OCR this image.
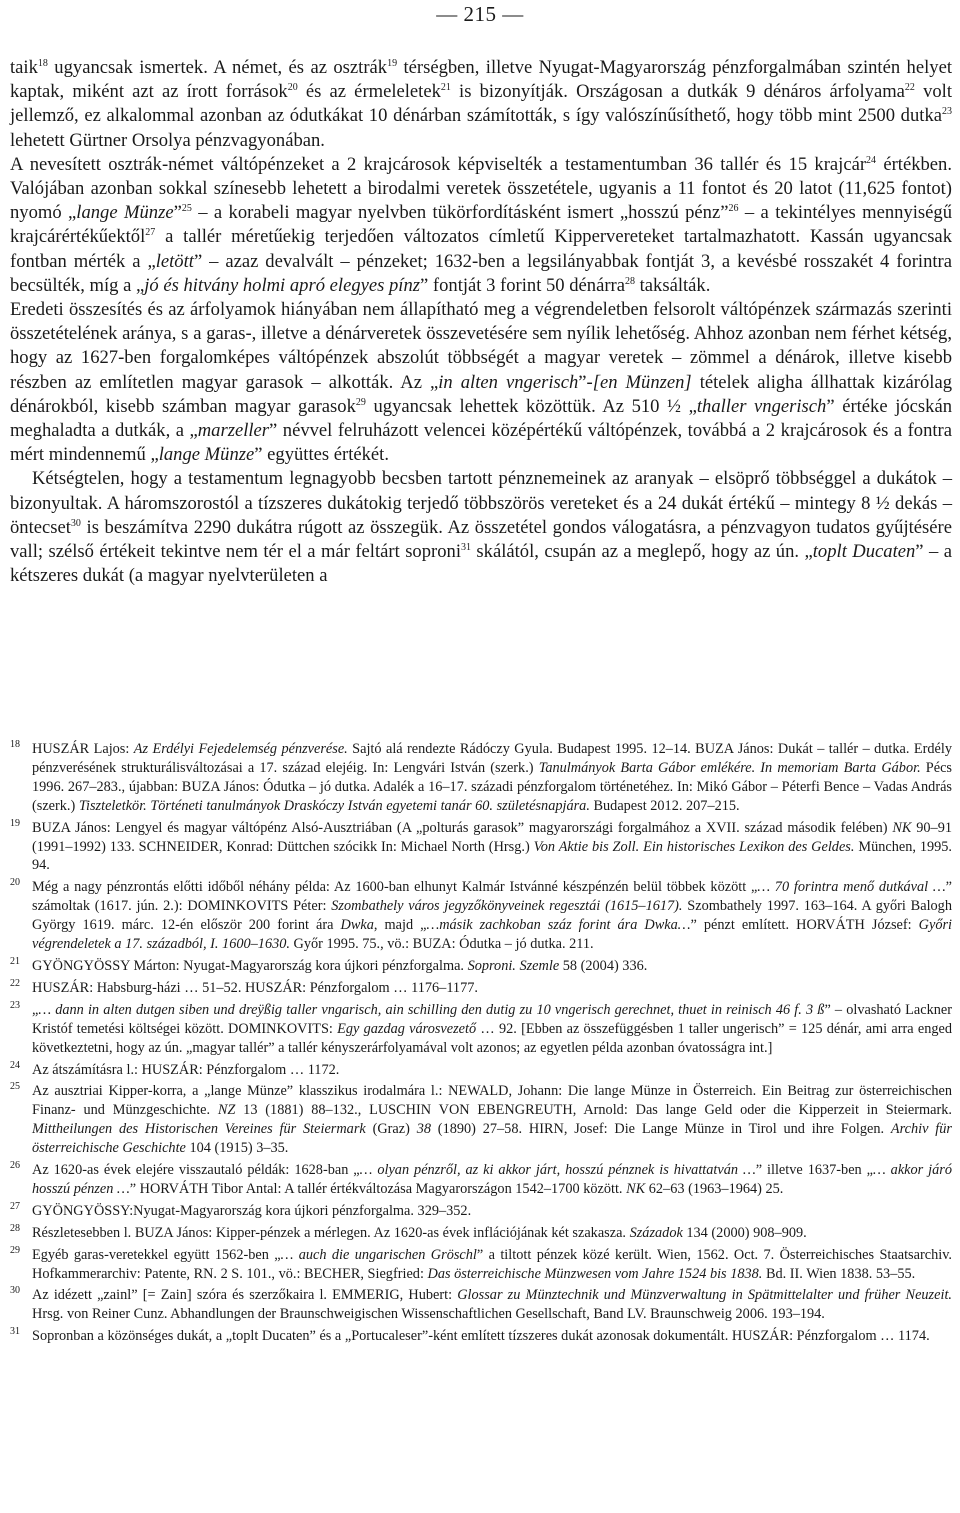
— 215 —

taik$^{18}$ ugyancsak ismertek. A német, és az osztrák$^{19}$ térségben, illetve Nyugat-Magyarország pénzforgalmában szintén helyet kaptak, miként azt az írott források$^{20}$ és az érmeleletek$^{21}$ is bizonyítják. Országosan a dutkák 9 dénáros árfolyama$^{22}$ volt jellemző, ez alkalommal azonban az ódutkákat 10 dénárban számították, s így valószínűsíthető, hogy több mint 2500 dutka$^{23}$ lehetett Gürtner Orsolya pénzvagyonában.

A nevesített osztrák-német váltópénzeket a 2 krajcárosok képviselték a testamentumban 36 tallér és 15 krajcár$^{24}$ értékben. Valójában azonban sokkal színesebb lehetett a birodalmi veretek összetétele, ugyanis a 11 fontot és 20 latot (11,625 fontot) nyomó „lange Münze”$^{25}$ – a korabeli magyar nyelvben tükörfordításként ismert „hosszú pénz”$^{26}$ – a tekintélyes mennyiségű krajcárértékűektől$^{27}$ a tallér méretűekig terjedően változatos címletű Kippervereteket tartalmazhatott. Kassán ugyancsak fontban mérték a „letött” – azaz devalvált – pénzeket; 1632-ben a legsilányabbak fontját 3, a kevésbé rosszakét 4 forintra becsülték, míg a „jó és hitvány holmi apró elegyes pínz” fontját 3 forint 50 dénárra$^{28}$ taksálták.

Eredeti összesítés és az árfolyamok hiányában nem állapítható meg a végrendeletben felsorolt váltópénzek származás szerinti összetételének aránya, s a garas-, illetve a dénárveretek összevetésére sem nyílik lehetőség. Ahhoz azonban nem férhet kétség, hogy az 1627-ben forgalomképes váltópénzek abszolút többségét a magyar veretek – zömmel a dénárok, illetve kisebb részben az említetlen magyar garasok – alkották. Az „in alten vngerisch”-[en Münzen] tételek aligha állhattak kizárólag dénárokból, kisebb számban magyar garasok$^{29}$ ugyancsak lehettek közöttük. Az 510 ½ „thaller vngerisch” értéke jócskán meghaladta a dutkák, a „marzeller” névvel felruházott velencei középértékű váltópénzek, továbbá a 2 krajcárosok és a fontra mért mindennemű „lange Münze” együttes értékét.

Kétségtelen, hogy a testamentum legnagyobb becsben tartott pénznemeinek az aranyak – elsöprő többséggel a dukátok – bizonyultak. A háromszorostól a tízszeres dukátokig terjedő többszörös vereteket és a 24 dukát értékű – mintegy 8 ½ dekás – öntecset$^{30}$ is beszámítva 2290 dukátra rúgott az összegük. Az összetétel gondos válogatásra, a pénzvagyon tudatos gyűjtésére vall; szélső értékeit tekintve nem tér el a már feltárt soproni$^{31}$ skálától, csupán az a meglepő, hogy az ún. „toplt Ducaten” – a kétszeres dukát (a magyar nyelvterületen a

18 HUSZÁR Lajos: Az Erdélyi Fejedelemség pénzverése. Sajtó alá rendezte Rádóczy Gyula. Budapest 1995. 12–14. BUZA János: Dukát – tallér – dutka. Erdély pénzverésének strukturálisváltozásai a 17. század elejéig. In: Lengvári István (szerk.) Tanulmányok Barta Gábor emlékére. In memoriam Barta Gábor. Pécs 1996. 267–283., újabban: BUZA János: Ódutka – jó dutka. Adalék a 16–17. századi pénzforgalom történetéhez. In: Mikó Gábor – Péterfi Bence – Vadas András (szerk.) Tiszteletkör. Történeti tanulmányok Draskóczy István egyetemi tanár 60. születésnapjára. Budapest 2012. 207–215.
19 BUZA János: Lengyel és magyar váltópénz Alsó-Ausztriában (A „polturás garasok” magyarországi forgalmához a XVII. század második felében) NK 90–91 (1991–1992) 133. SCHNEIDER, Konrad: Düttchen szócikk In: Michael North (Hrsg.) Von Aktie bis Zoll. Ein historisches Lexikon des Geldes. München, 1995. 94.
20 Még a nagy pénzrontás előtti időből néhány példa: Az 1600-ban elhunyt Kalmár Istvánné készpénzén belül többek között „… 70 forintra menő dutkával …” számoltak (1617. jún. 2.): DOMINKOVITS Péter: Szombathely város jegyzőkönyveinek regesztái (1615–1617). Szombathely 1997. 163–164. A győri Balogh György 1619. márc. 12-én először 200 forint ára Dwka, majd „…másik zachkoban száz forint ára Dwka…” pénzt említett. HORVÁTH József: Győri végrendeletek a 17. századból, I. 1600–1630. Győr 1995. 75., vö.: BUZA: Ódutka – jó dutka. 211.
21 GYÖNGYÖSSY Márton: Nyugat-Magyarország kora újkori pénzforgalma. Soproni. Szemle 58 (2004) 336.
22 HUSZÁR: Habsburg-házi … 51–52. HUSZÁR: Pénzforgalom … 1176–1177.
23 „… dann in alten dutgen siben und dreÿßig taller vngarisch, ain schilling den dutig zu 10 vngerisch gerechnet, thuet in reinisch 46 f. 3 ß” – olvasható Lackner Kristóf temetési költségei között. DOMINKOVITS: Egy gazdag városvezető … 92. [Ebben az összefüggésben 1 taller ungerisch” = 125 dénár, ami arra enged következtetni, hogy az ún. „magyar tallér” a tallér kényszerárfolyamával volt azonos; az egyetlen példa azonban óvatosságra int.]
24 Az átszámításra l.: HUSZÁR: Pénzforgalom … 1172.
25 Az ausztriai Kipper-korra, a „lange Münze” klasszikus irodalmára l.: NEWALD, Johann: Die lange Münze in Österreich. Ein Beitrag zur österreichischen Finanz- und Münzgeschichte. NZ 13 (1881) 88–132., LUSCHIN VON EBENGREUTH, Arnold: Das lange Geld oder die Kipperzeit in Steiermark. Mittheilungen des Historischen Vereines für Steiermark (Graz) 38 (1890) 27–58. HIRN, Josef: Die Lange Münze in Tirol und ihre Folgen. Archiv für österreichische Geschichte 104 (1915) 3–35.
26 Az 1620-as évek elejére visszautaló példák: 1628-ban „… olyan pénzről, az ki akkor járt, hosszú pénznek is hivattatván …” illetve 1637-ben „… akkor járó hosszú pénzen …” HORVÁTH Tibor Antal: A tallér értékváltozása Magyarországon 1542–1700 között. NK 62–63 (1963–1964) 25.
27 GYÖNGYÖSSY:Nyugat-Magyarország kora újkori pénzforgalma. 329–352.
28 Részletesebben l. BUZA János: Kipper-pénzek a mérlegen. Az 1620-as évek inflációjának két szakasza. Századok 134 (2000) 908–909.
29 Egyéb garas-veretekkel együtt 1562-ben „… auch die ungarischen Gröschl” a tiltott pénzek közé került. Wien, 1562. Oct. 7. Österreichisches Staatsarchiv. Hofkammerarchiv: Patente, RN. 2 S. 101., vö.: BECHER, Siegfried: Das österreichische Münzwesen vom Jahre 1524 bis 1838. Bd. II. Wien 1838. 53–55.
30 Az idézett „zainl” [= Zain] szóra és szerzőkaira l. EMMERIG, Hubert: Glossar zu Münztechnik und Münzverwaltung in Spätmittelalter und früher Neuzeit. Hrsg. von Reiner Cunz. Abhandlungen der Braunschweigischen Wissenschaftlichen Gesellschaft, Band LV. Braunschweig 2006. 193–194.
31 Sopronban a közönséges dukát, a „toplt Ducaten” és a „Portucaleser”-ként említett tízszeres dukát azonosak dokumentált. HUSZÁR: Pénzforgalom … 1174.
